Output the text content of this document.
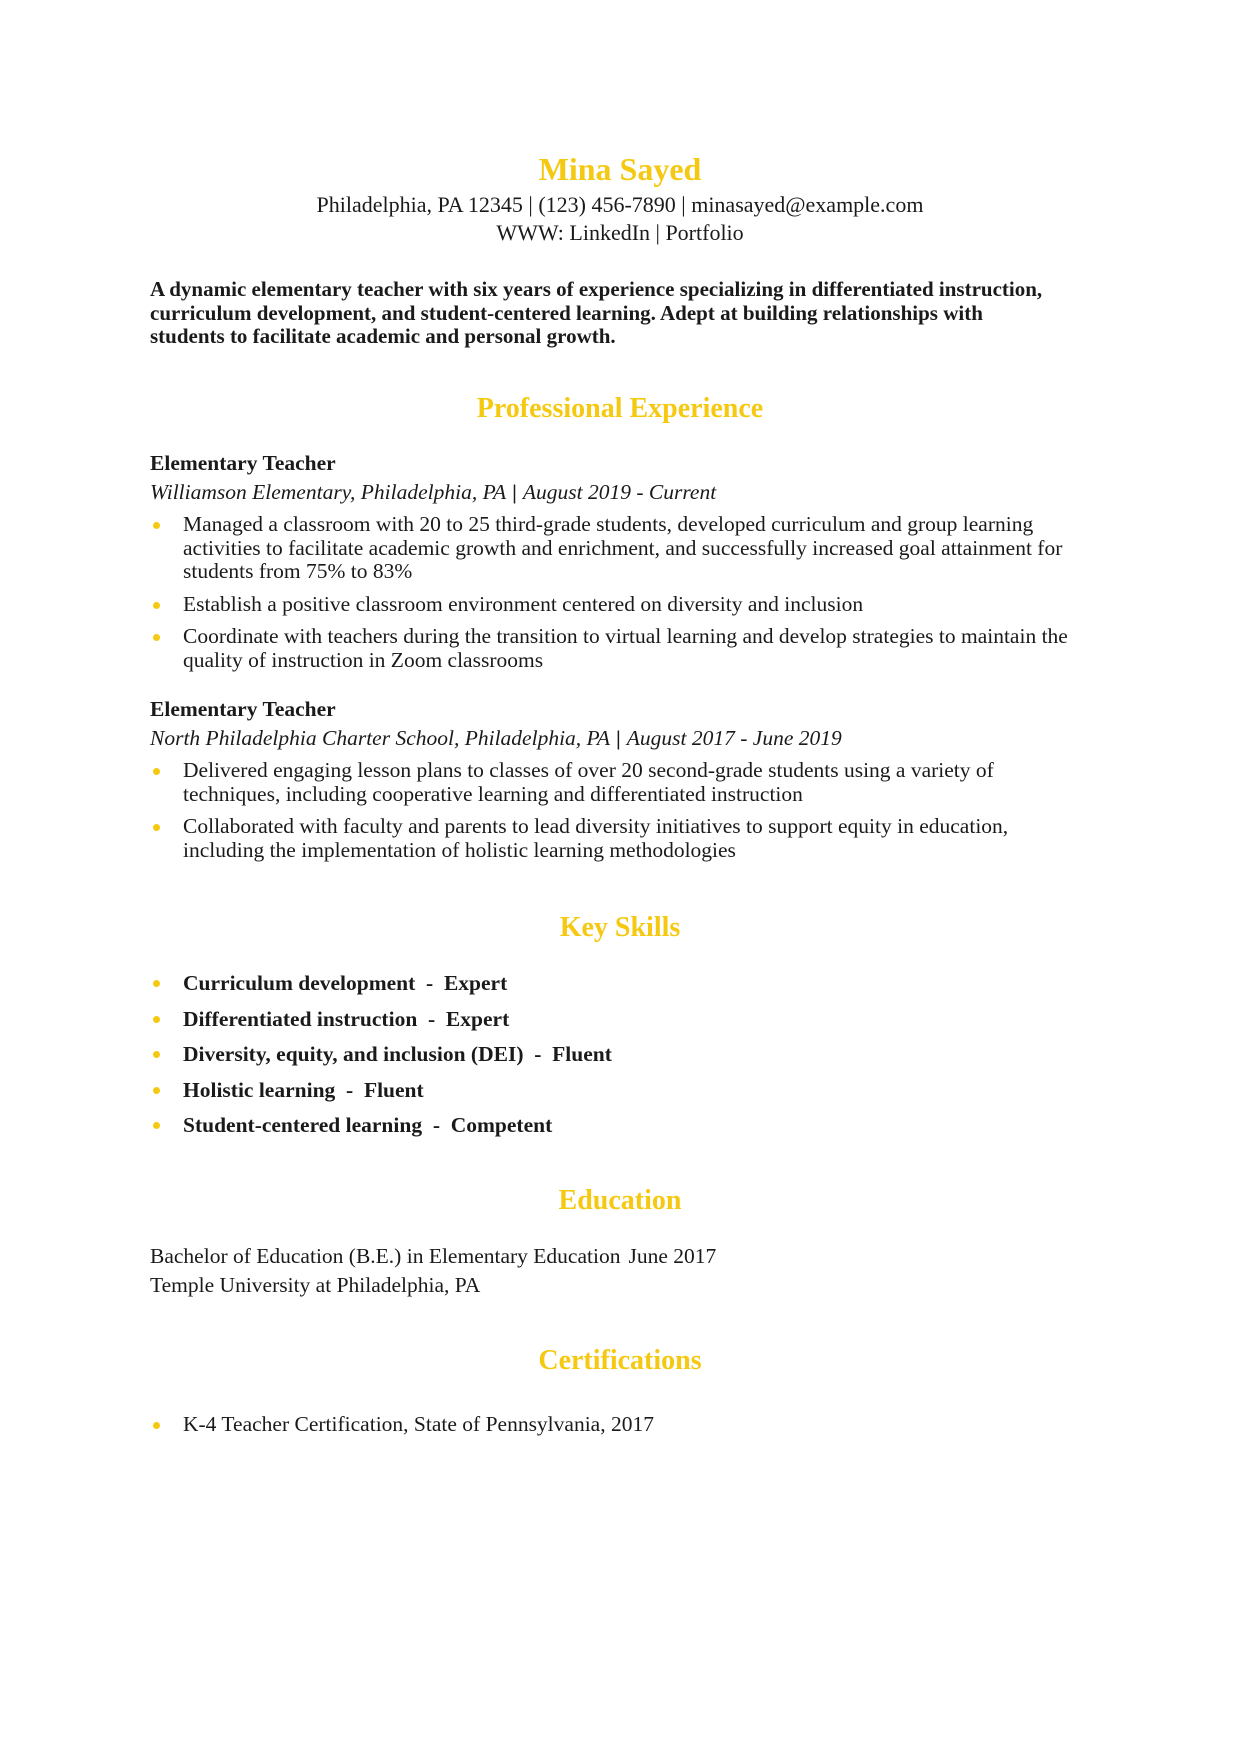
Mina Sayed
Philadelphia, PA 12345 | (123) 456-7890 | minasayed@example.com
WWW: LinkedIn | Portfolio
A dynamic elementary teacher with six years of experience specializing in differentiated instruction, curriculum development, and student-centered learning. Adept at building relationships with students to facilitate academic and personal growth.
Professional Experience
Elementary Teacher
Williamson Elementary, Philadelphia, PA | August 2019 - Current
Managed a classroom with 20 to 25 third-grade students, developed curriculum and group learning activities to facilitate academic growth and enrichment, and successfully increased goal attainment for students from 75% to 83%
Establish a positive classroom environment centered on diversity and inclusion
Coordinate with teachers during the transition to virtual learning and develop strategies to maintain the quality of instruction in Zoom classrooms
Elementary Teacher
North Philadelphia Charter School, Philadelphia, PA | August 2017 - June 2019
Delivered engaging lesson plans to classes of over 20 second-grade students using a variety of techniques, including cooperative learning and differentiated instruction
Collaborated with faculty and parents to lead diversity initiatives to support equity in education, including the implementation of holistic learning methodologies
Key Skills
Curriculum development  -  Expert
Differentiated instruction  -  Expert
Diversity, equity, and inclusion (DEI)  -  Fluent
Holistic learning  -  Fluent
Student-centered learning  -  Competent
Education
Bachelor of Education (B.E.) in Elementary Education June 2017
Temple University at Philadelphia, PA
Certifications
K-4 Teacher Certification, State of Pennsylvania, 2017
